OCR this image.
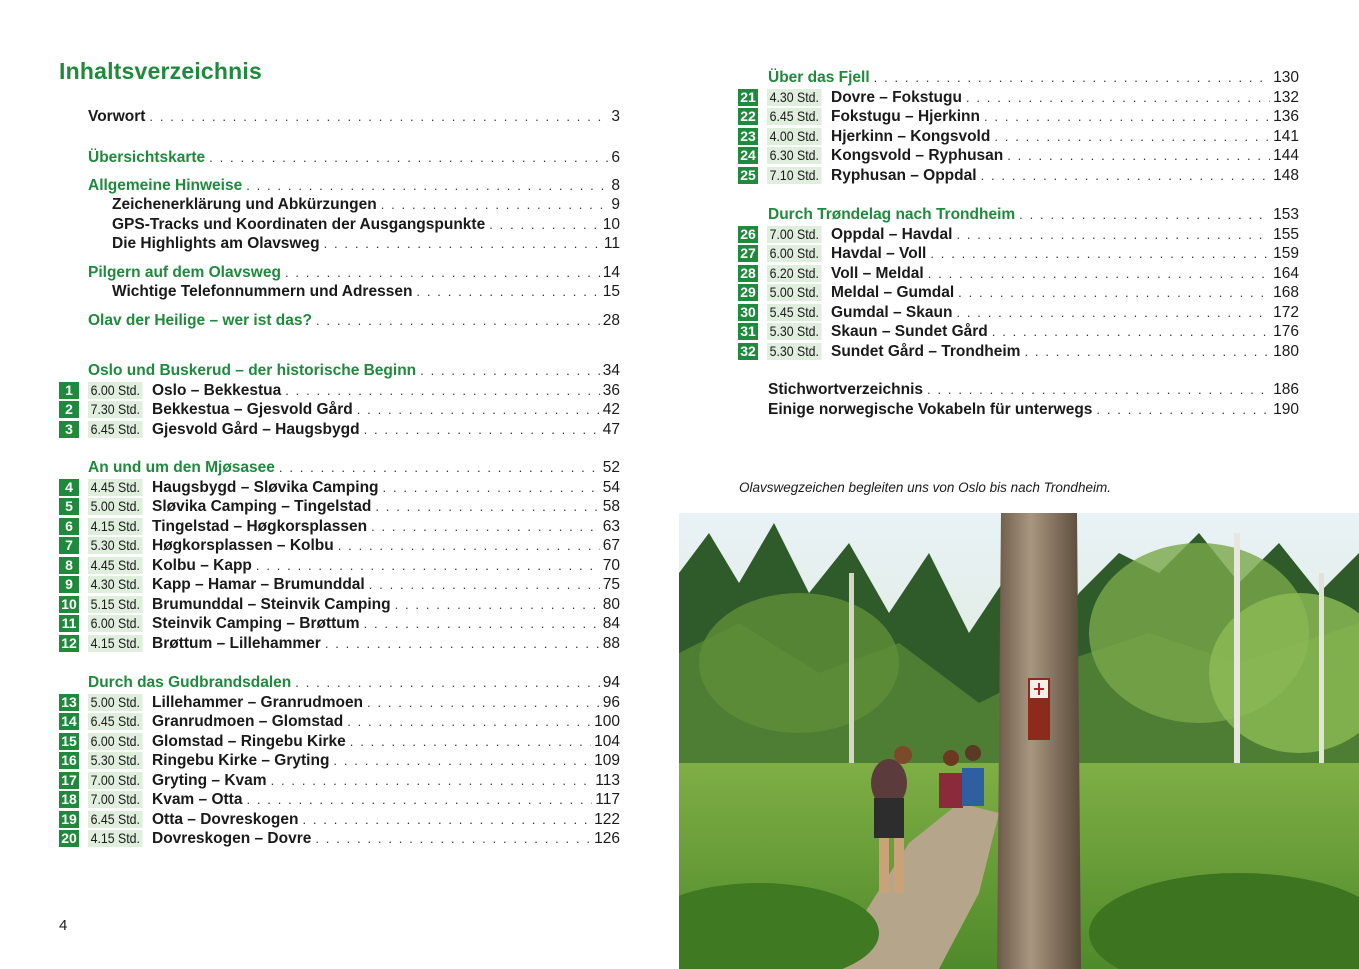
Inhaltsverzeichnis
Vorwort . . .	3
Übersichtskarte . . .	6
Allgemeine Hinweise . . .	8
Zeichenerklärung und Abkürzungen . . .	9
GPS-Tracks und Koordinaten der Ausgangspunkte . . .	10
Die Highlights am Olavsweg . . .	11
Pilgern auf dem Olavsweg . . .	14
Wichtige Telefonnummern und Adressen . . .	15
Olav der Heilige – wer ist das? . . .	28
Oslo und Buskerud – der historische Beginn . . .	34
1	6.00 Std. Oslo – Bekkestua . . .	36
2	7.30 Std. Bekkestua – Gjesvold Gård . . .	42
3	6.45 Std. Gjesvold Gård – Haugsbygd . . .	47
An und um den Mjøsasee . . .	52
4	4.45 Std. Haugsbygd – Sløvika Camping . . .	54
5	5.00 Std. Sløvika Camping – Tingelstad . . .	58
6	4.15 Std. Tingelstad – Høgkorsplassen . . .	63
7	5.30 Std. Høgkorsplassen – Kolbu . . .	67
8	4.45 Std. Kolbu – Kapp . . .	70
9	4.30 Std. Kapp – Hamar – Brumunddal . . .	75
10 5.15 Std. Brumunddal – Steinvik Camping . . .	80
11 6.00 Std. Steinvik Camping – Brøttum . . .	84
12 4.15 Std. Brøttum – Lillehammer . . .	88
Durch das Gudbrandsdalen . . .	94
13 5.00 Std. Lillehammer – Granrudmoen . . .	96
14 6.45 Std. Granrudmoen – Glomstad . . .	100
15 6.00 Std. Glomstad – Ringebu Kirke . . .	104
16 5.30 Std. Ringebu Kirke – Gryting . . .	109
17 7.00 Std. Gryting – Kvam . . .	113
18 7.00 Std. Kvam – Otta . . .	117
19 6.45 Std. Otta – Dovreskogen . . .	122
20 4.15 Std. Dovreskogen – Dovre . . .	126
Über das Fjell . . .	130
21 4.30 Std. Dovre – Fokstugu . . .	132
22 6.45 Std. Fokstugu – Hjerkinn . . .	136
23 4.00 Std. Hjerkinn – Kongsvold . . .	141
24 6.30 Std. Kongsvold – Ryphusan . . .	144
25 7.10 Std. Ryphusan – Oppdal . . .	148
Durch Trøndelag nach Trondheim . . .	153
26 7.00 Std. Oppdal – Havdal . . .	155
27 6.00 Std. Havdal – Voll . . .	159
28 6.20 Std. Voll – Meldal . . .	164
29 5.00 Std. Meldal – Gumdal . . .	168
30 5.45 Std. Gumdal – Skaun . . .	172
31 5.30 Std. Skaun – Sundet Gård . . .	176
32 5.30 Std. Sundet Gård – Trondheim . . .	180
Stichwortverzeichnis . . .	186
Einige norwegische Vokabeln für unterwegs . . .	190
4
Olavswegzeichen begleiten uns von Oslo bis nach Trondheim.
